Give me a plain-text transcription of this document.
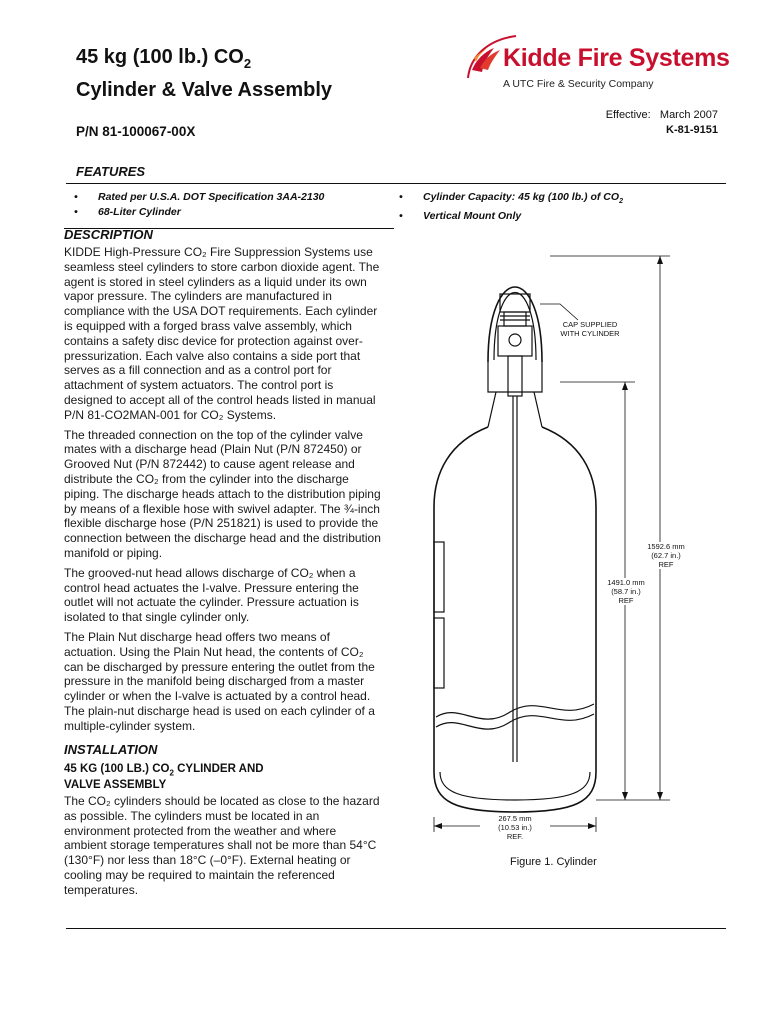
45 kg (100 lb.) $CO_2$
Cylinder & Valve Assembly
P/N 81-100067-00X
Kidde Fire Systems
A UTC Fire & Security Company
Effective: March 2007
K-81-9151
FEATURES
• Rated per U.S.A. DOT Specification 3AA-2130
• 68-Liter Cylinder
• Cylinder Capacity: 45 kg (100 lb.) of $CO_2$
• Vertical Mount Only
DESCRIPTION

KIDDE High-Pressure CO₂ Fire Suppression Systems use seamless steel cylinders to store carbon dioxide agent. The agent is stored in steel cylinders as a liquid under its own vapor pressure. The cylinders are manufactured in compliance with the USA DOT requirements. Each cylinder is equipped with a forged brass valve assembly, which contains a safety disc device for protection against over-pressurization. Each valve also contains a side port that serves as a fill connection and as a control port for attachment of system actuators. The control port is designed to accept all of the control heads listed in manual P/N 81-CO2MAN-001 for CO₂ Systems.

The threaded connection on the top of the cylinder valve mates with a discharge head (Plain Nut (P/N 872450) or Grooved Nut (P/N 872442) to cause agent release and distribute the CO₂ from the cylinder into the discharge piping. The discharge heads attach to the distribution piping by means of a flexible hose with swivel adapter. The ¾-inch flexible discharge hose (P/N 251821) is used to provide the connection between the discharge head and the distribution manifold or piping.

The grooved-nut head allows discharge of CO₂ when a control head actuates the I-valve. Pressure entering the outlet will not actuate the cylinder. Pressure actuation is isolated to that single cylinder only.

The Plain Nut discharge head offers two means of actuation. Using the Plain Nut head, the contents of CO₂ can be discharged by pressure entering the outlet from the pressure in the manifold being discharged from a master cylinder or when the I-valve is actuated by a control head. The plain-nut discharge head is used on each cylinder of a multiple-cylinder system.

INSTALLATION
45 KG (100 LB.) $CO_2$ CYLINDER AND
VALVE ASSEMBLY

The CO₂ cylinders should be located as close to the hazard as possible. The cylinders must be located in an environment protected from the weather and where ambient storage temperatures shall not be more than 54°C (130°F) nor less than 18°C (–0°F). External heating or cooling may be required to maintain the referenced temperatures.

CAP SUPPLIED
WITH CYLINDER
1592.6 mm
(62.7 in.)
REF
1491.0 mm
(58.7 in.)
REF
267.5 mm
(10.53 in.)
REF.
Figure 1. Cylinder
